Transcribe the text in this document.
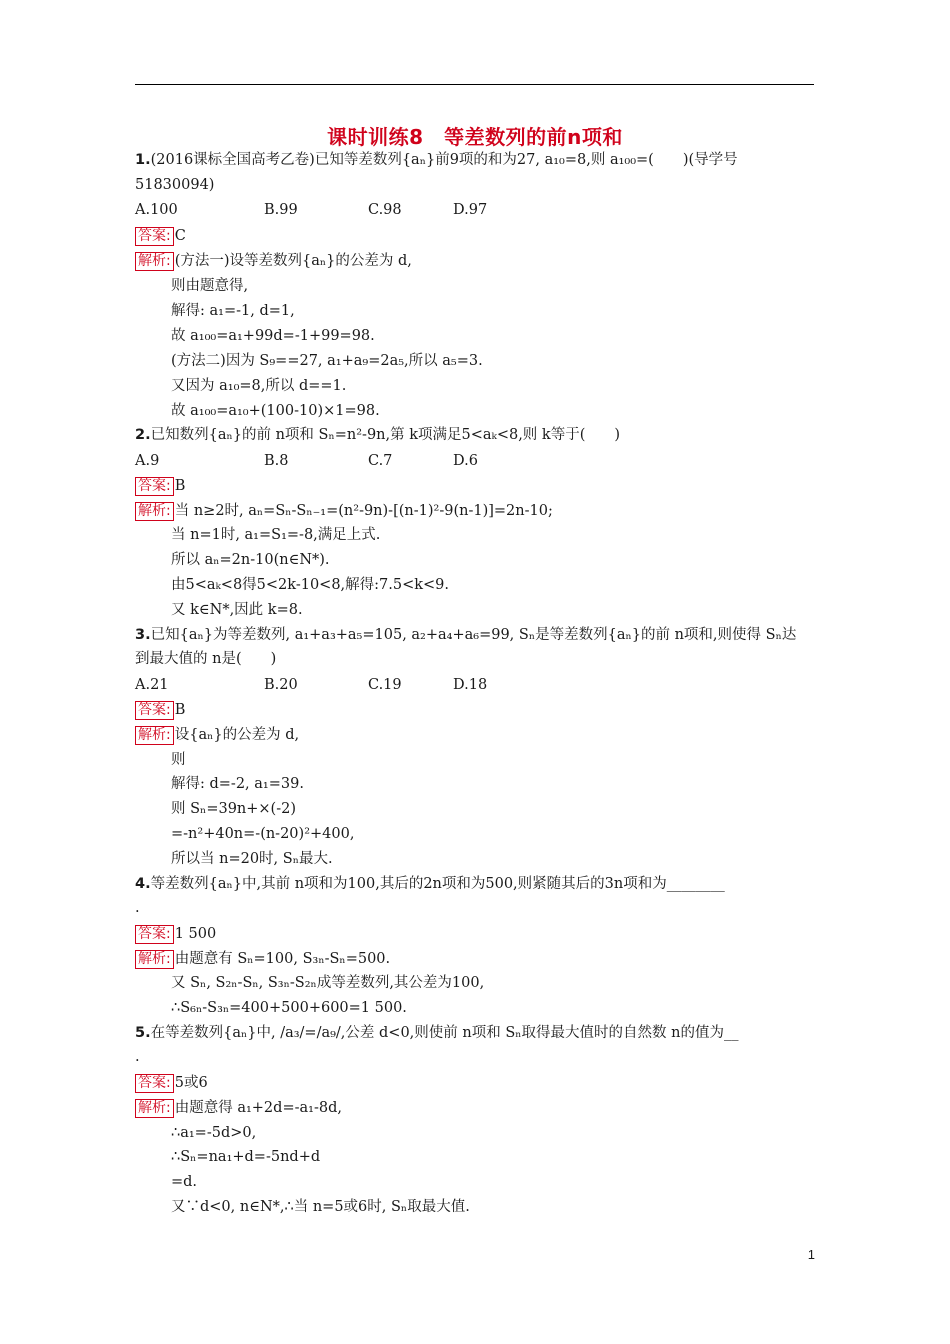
课时训练8　等差数列的前n项和
1.(2016课标全国高考乙卷)已知等差数列{aₙ}前9项的和为27, a₁₀=8,则 a₁₀₀=(　　)(导学号
51830094)
A.100	B.99	C.98	D.97
答案: C
解析: (方法一)设等差数列{aₙ}的公差为 d,
则由题意得,
解得: a₁=-1, d=1,
故 a₁₀₀=a₁+99d=-1+99=98.
(方法二)因为 S₉==27, a₁+a₉=2a₅,所以 a₅=3.
又因为 a₁₀=8,所以 d==1.
故 a₁₀₀=a₁₀+(100-10)×1=98.
2.已知数列{aₙ}的前 n项和 Sₙ=n²-9n,第 k项满足5<aₖ<8,则 k等于(　　)
A.9	B.8	C.7	D.6
答案: B
解析: 当 n≥2时, aₙ=Sₙ-Sₙ₋₁=(n²-9n)-[(n-1)²-9(n-1)]=2n-10;
当 n=1时, a₁=S₁=-8,满足上式.
所以 aₙ=2n-10(n∈N*).
由5<aₖ<8得5<2k-10<8,解得:7.5<k<9.
又 k∈N*,因此 k=8.
3.已知{aₙ}为等差数列, a₁+a₃+a₅=105, a₂+a₄+a₆=99, Sₙ是等差数列{aₙ}的前 n项和,则使得 Sₙ达
到最大值的 n是(　　)
A.21	B.20	C.19	D.18
答案: B
解析: 设{aₙ}的公差为 d,
则
解得: d=-2, a₁=39.
则 Sₙ=39n+×(-2)
=-n²+40n=-(n-20)²+400,
所以当 n=20时, Sₙ最大.
4.等差数列{aₙ}中,其前 n项和为100,其后的2n项和为500,则紧随其后的3n项和为________
.
答案: 1 500
解析: 由题意有 Sₙ=100, S₃ₙ-Sₙ=500.
又 Sₙ, S₂ₙ-Sₙ, S₃ₙ-S₂ₙ成等差数列,其公差为100,
∴S₆ₙ-S₃ₙ=400+500+600=1 500.
5.在等差数列{aₙ}中, /a₃/=/a₉/,公差 d<0,则使前 n项和 Sₙ取得最大值时的自然数 n的值为__
.
答案: 5或6
解析: 由题意得 a₁+2d=-a₁-8d,
∴a₁=-5d>0,
∴Sₙ=na₁+d=-5nd+d
=d.
又∵d<0, n∈N*,∴当 n=5或6时, Sₙ取最大值.
1
